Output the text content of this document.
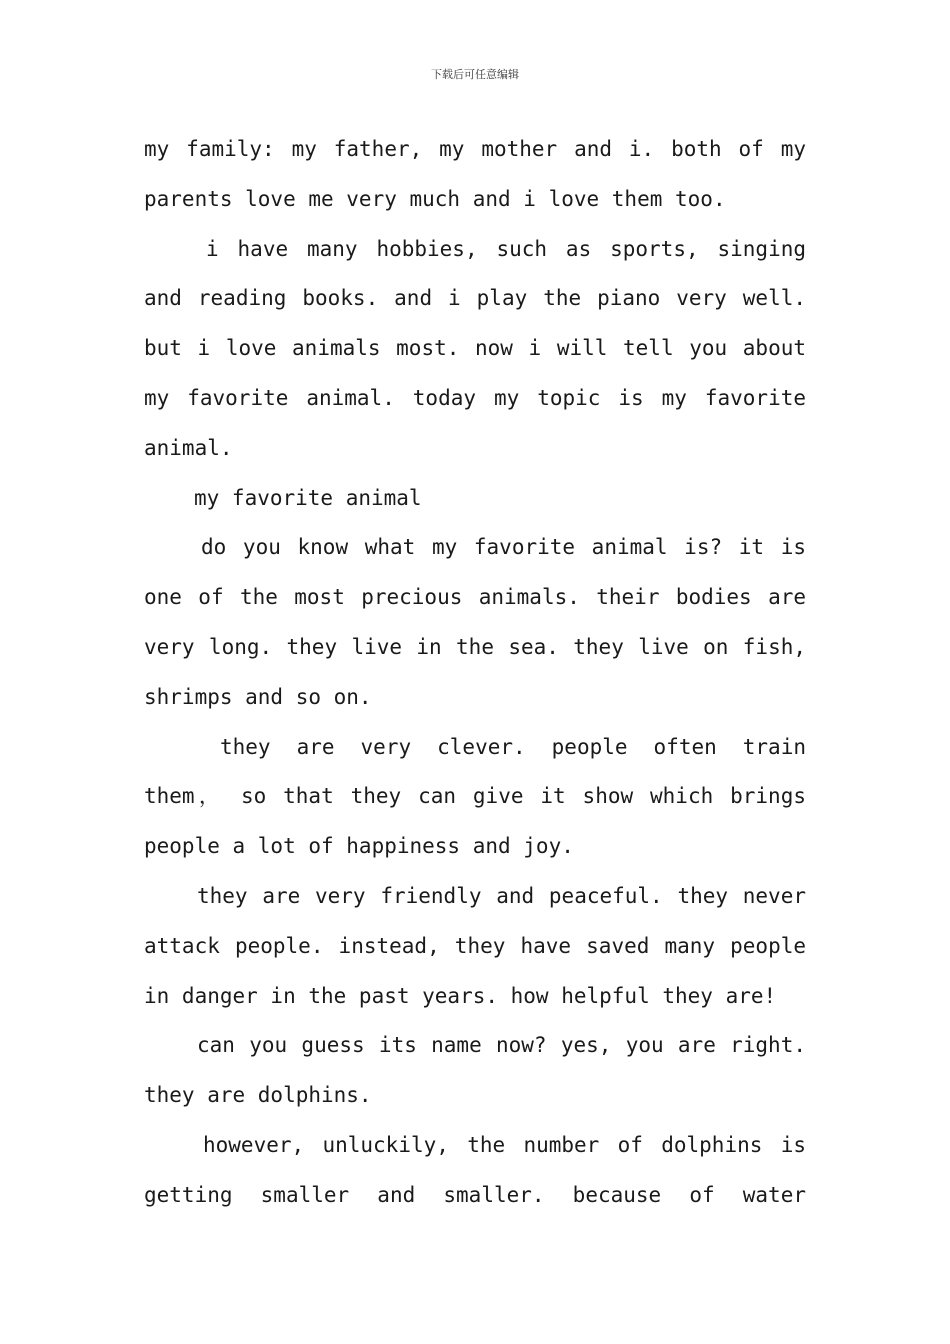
下载后可任意编辑

my family: my father, my mother and i. both of my parents love me very much and i love them too.

i have many hobbies, such as sports, singing and reading books. and i play the piano very well. but i love animals most. now i will tell you about my favorite animal. today my topic is my favorite animal.

my favorite animal

do you know what my favorite animal is? it is one of the most precious animals. their bodies are very long. they live in the sea. they live on fish, shrimps and so on.

they are very clever. people often train them， so that they can give it show which brings people a lot of happiness and joy.

they are very friendly and peaceful. they never attack people. instead, they have saved many people in danger in the past years. how helpful they are!

can you guess its name now? yes, you are right. they are dolphins.

however, unluckily, the number of dolphins is getting smaller and smaller. because of water
